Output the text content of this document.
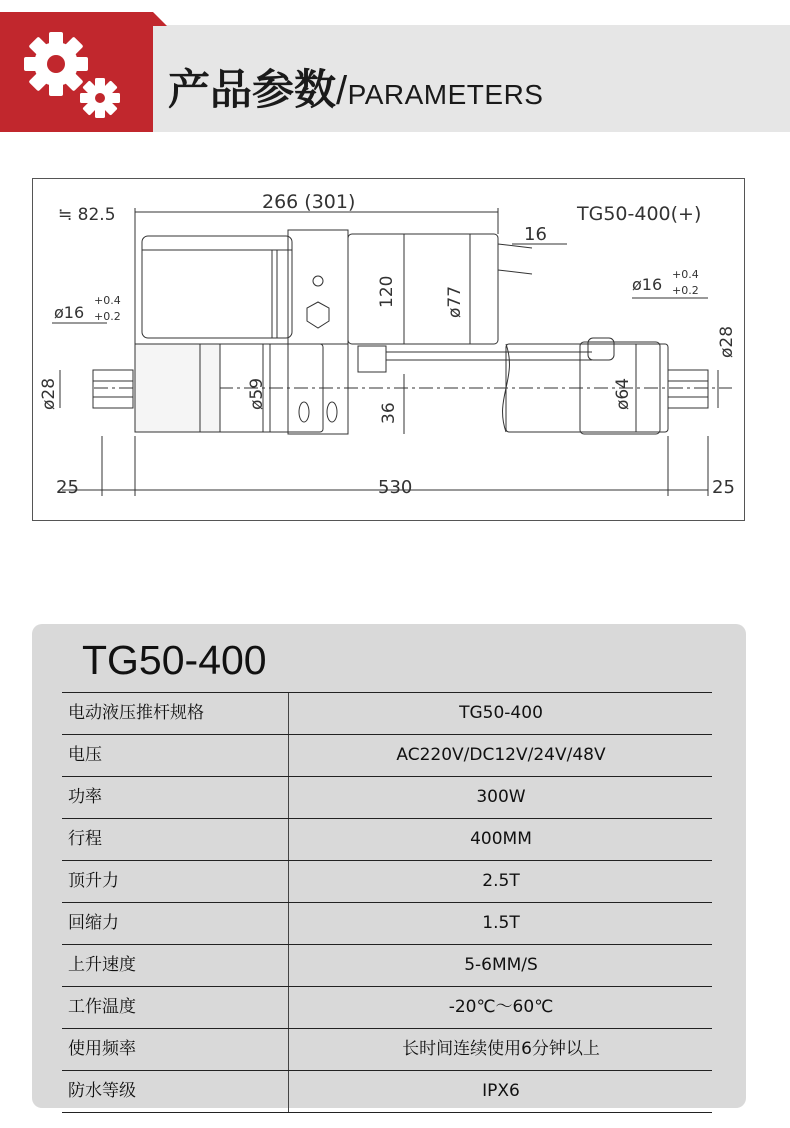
产品参数/PARAMETERS
≒ 82.5
266 (301)
TG50-400(+)
16
ø16
+0.4
+0.2
ø16
+0.4
+0.2
25	530	25
120	ø77
ø59	ø64
36
ø28
ø28
TG50-400
电动液压推杆规格	TG50-400
电压	AC220V/DC12V/24V/48V
功率	300W
行程	400MM
顶升力	2.5T
回缩力	1.5T
上升速度	5-6MM/S
工作温度	-20℃～60℃
使用频率	长时间连续使用6分钟以上
防水等级	IPX6
